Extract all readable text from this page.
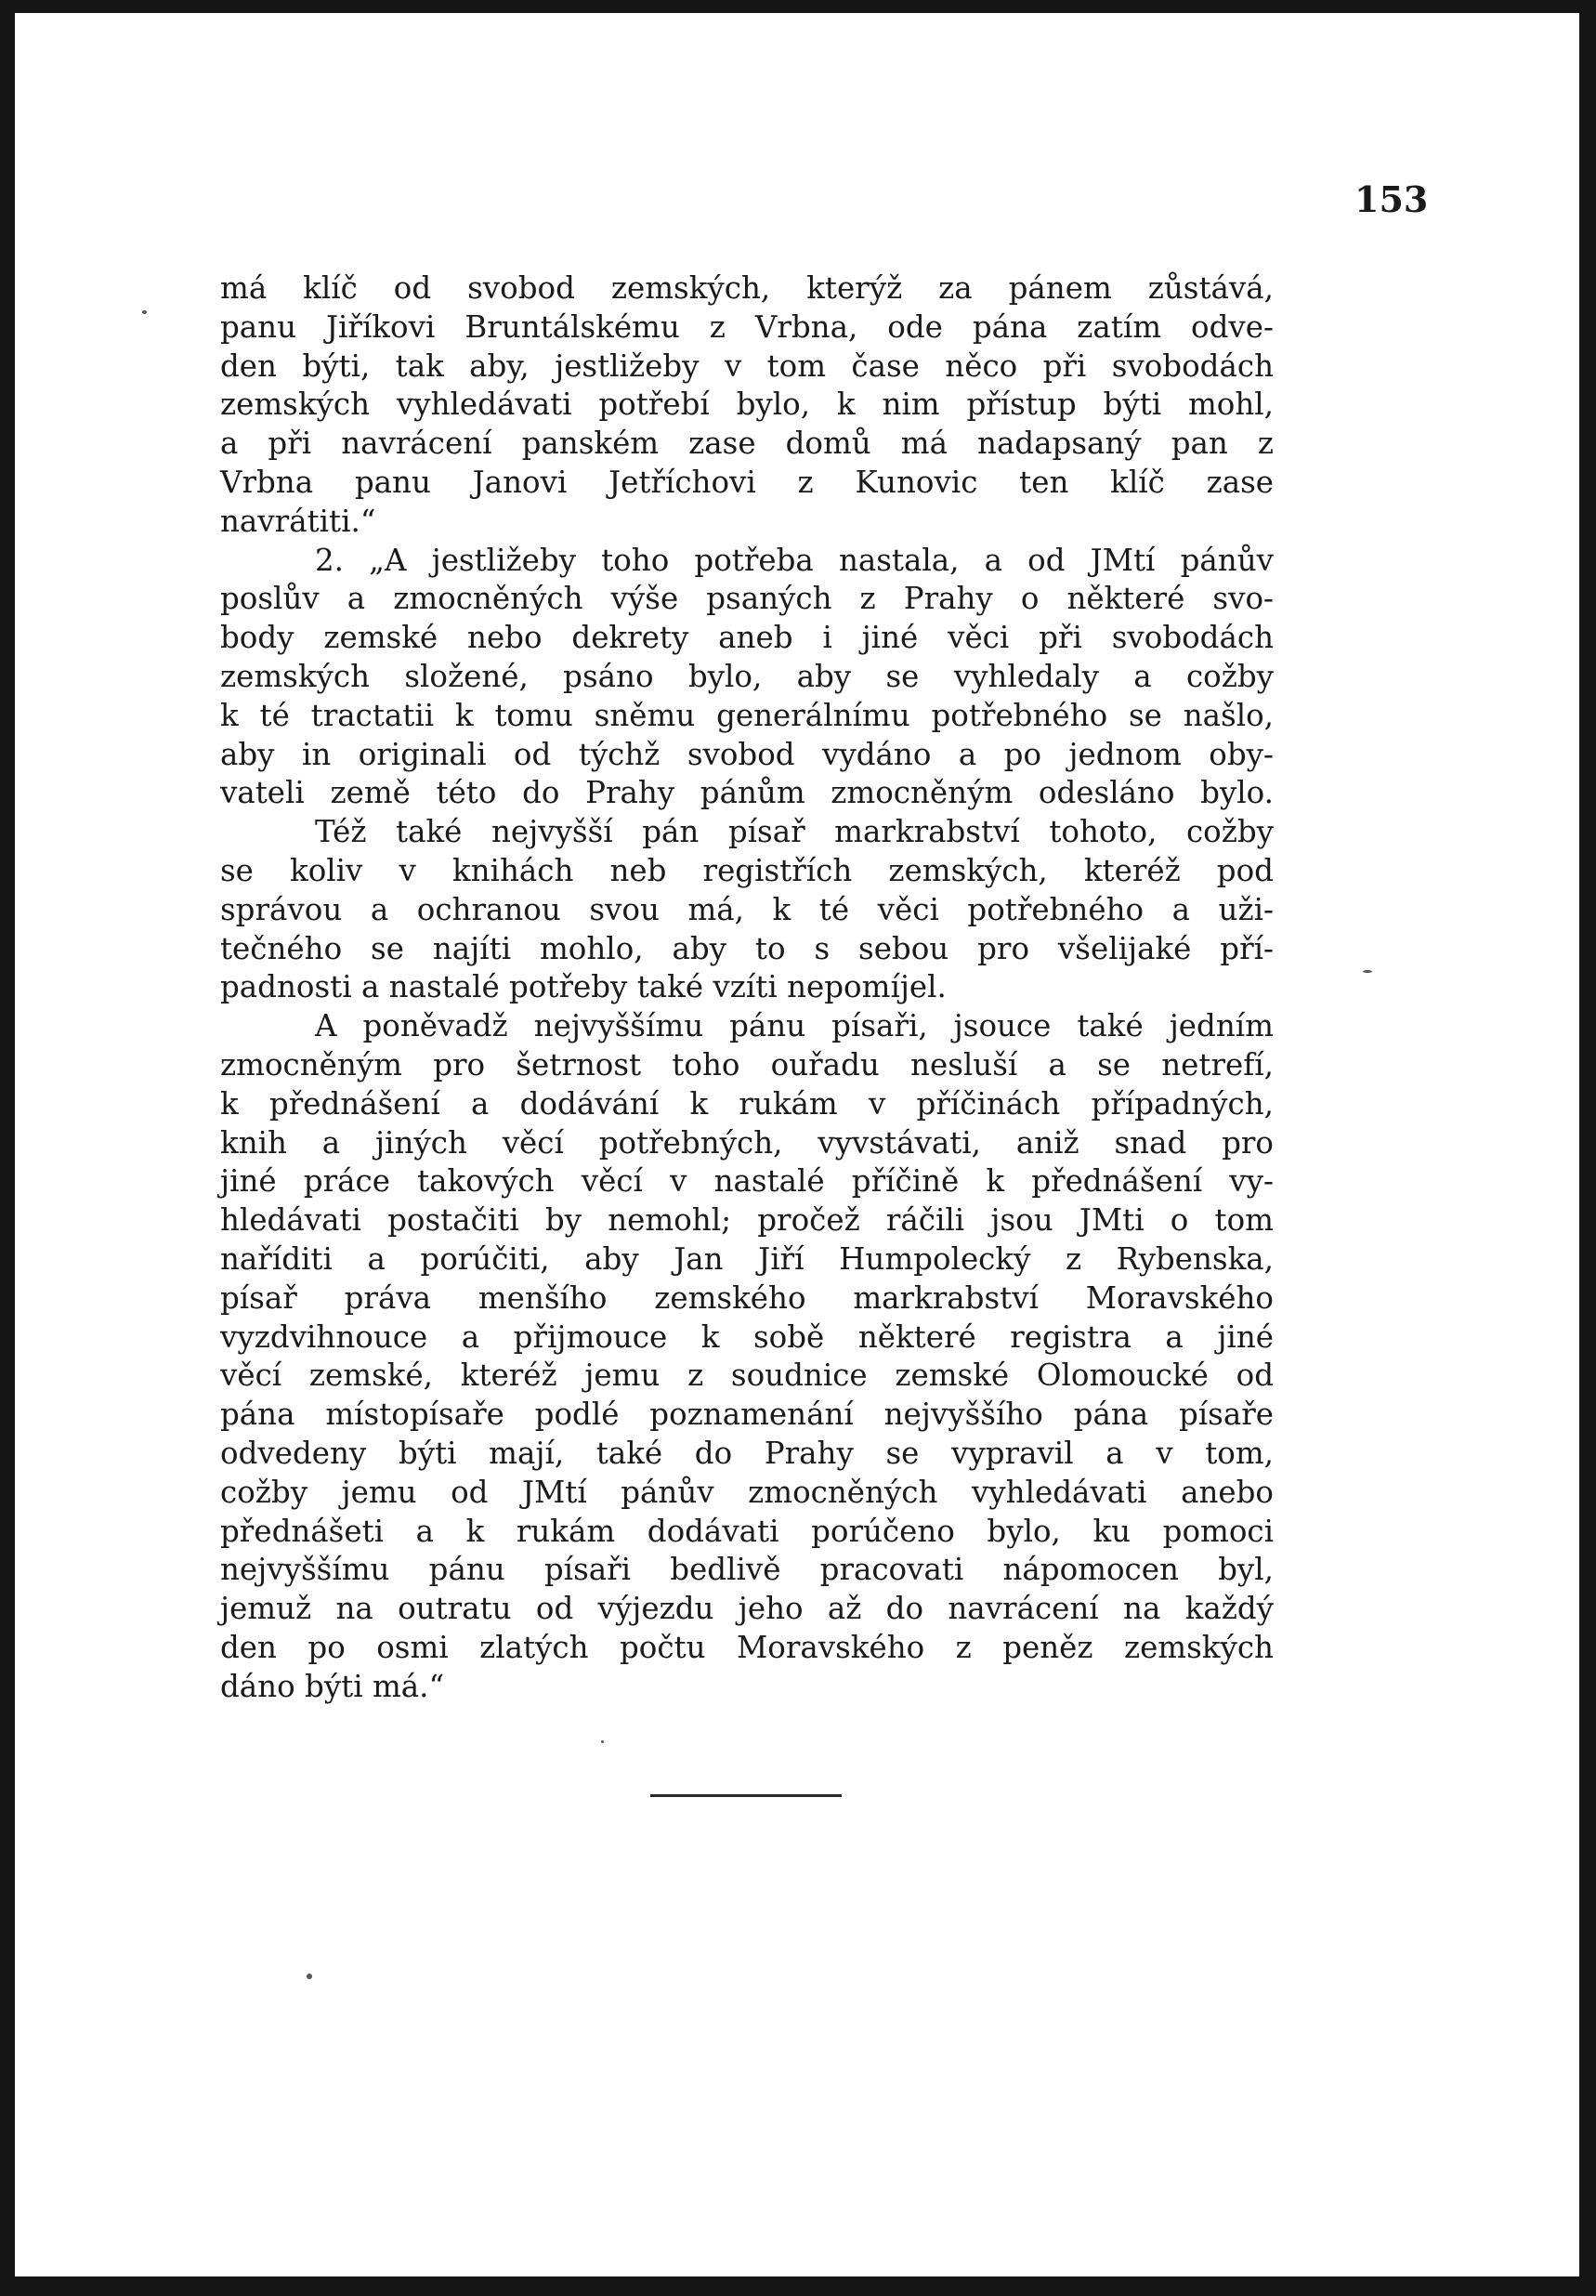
153
má klíč od svobod zemských, kterýž za pánem zůstává,
panu Jiříkovi Bruntálskému z Vrbna, ode pána zatím odve-
den býti, tak aby, jestližeby v tom čase něco při svobodách
zemských vyhledávati potřebí bylo, k nim přístup býti mohl,
a při navrácení panském zase domů má nadapsaný pan z
Vrbna panu Janovi Jetříchovi z Kunovic ten klíč zase
navrátiti.“
2. „A jestližeby toho potřeba nastala, a od JMtí pánův
poslův a zmocněných výše psaných z Prahy o některé svo-
body zemské nebo dekrety aneb i jiné věci při svobodách
zemských složené, psáno bylo, aby se vyhledaly a cožby
k té tractatii k tomu sněmu generálnímu potřebného se našlo,
aby in originali od týchž svobod vydáno a po jednom oby-
vateli země této do Prahy pánům zmocněným odesláno bylo.
Též také nejvyšší pán písař markrabství tohoto, cožby
se koliv v knihách neb registřích zemských, kteréž pod
správou a ochranou svou má, k té věci potřebného a uži-
tečného se najíti mohlo, aby to s sebou pro všelijaké pří-
padnosti a nastalé potřeby také vzíti nepomíjel.
A poněvadž nejvyššímu pánu písaři, jsouce také jedním
zmocněným pro šetrnost toho ouřadu nesluší a se netrefí,
k přednášení a dodávání k rukám v příčinách případných,
knih a jiných věcí potřebných, vyvstávati, aniž snad pro
jiné práce takových věcí v nastalé příčině k přednášení vy-
hledávati postačiti by nemohl; pročež ráčili jsou JMti o tom
naříditi a porúčiti, aby Jan Jiří Humpolecký z Rybenska,
písař práva menšího zemského markrabství Moravského
vyzdvihnouce a přijmouce k sobě některé registra a jiné
věcí zemské, kteréž jemu z soudnice zemské Olomoucké od
pána místopísaře podlé poznamenání nejvyššího pána písaře
odvedeny býti mají, také do Prahy se vypravil a v tom,
cožby jemu od JMtí pánův zmocněných vyhledávati anebo
přednášeti a k rukám dodávati porúčeno bylo, ku pomoci
nejvyššímu pánu písaři bedlivě pracovati nápomocen byl,
jemuž na outratu od výjezdu jeho až do navrácení na každý
den po osmi zlatých počtu Moravského z peněz zemských
dáno býti má.“
